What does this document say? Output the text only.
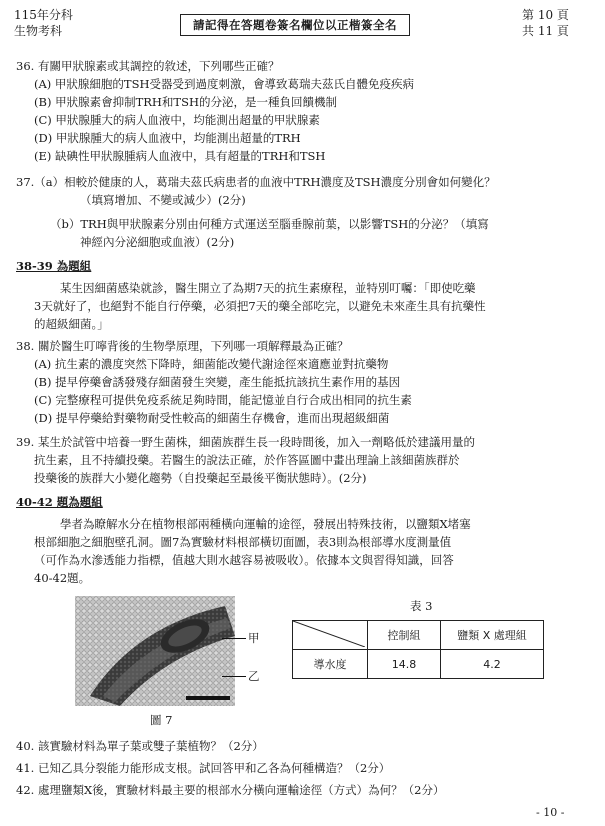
115年分科
生物考科	請記得在答題卷簽名欄位以正楷簽全名
第 10 頁
共 11 頁
36. 有關甲狀腺素或其調控的敘述，下列哪些正確？
(A) 甲狀腺細胞的TSH受器受到過度刺激，會導致葛瑞夫茲氏自體免疫疾病
(B) 甲狀腺素會抑制TRH和TSH的分泌，是一種負回饋機制
(C) 甲狀腺腫大的病人血液中，均能測出超量的甲狀腺素
(D) 甲狀腺腫大的病人血液中，均能測出超量的TRH
(E) 缺碘性甲狀腺腫病人血液中，具有超量的TRH和TSH
37.（a）相較於健康的人，葛瑞夫茲氏病患者的血液中TRH濃度及TSH濃度分別會如何變化？
（填寫增加、不變或減少）(2分)
（b）TRH與甲狀腺素分別由何種方式運送至腦垂腺前葉，以影響TSH的分泌？（填寫
神經內分泌細胞或血液）(2分)
38-39 為題組
某生因細菌感染就診，醫生開立了為期7天的抗生素療程，並特別叮囑：「即使吃藥
3天就好了，也絕對不能自行停藥，必須把7天的藥全部吃完，以避免未來產生具有抗藥性
的超級細菌。」
38. 關於醫生叮嚀背後的生物學原理，下列哪一項解釋最為正確？
(A) 抗生素的濃度突然下降時，細菌能改變代謝途徑來適應並對抗藥物
(B) 提早停藥會誘發殘存細菌發生突變，產生能抵抗該抗生素作用的基因
(C) 完整療程可提供免疫系統足夠時間，能記憶並自行合成出相同的抗生素
(D) 提早停藥給對藥物耐受性較高的細菌生存機會，進而出現超級細菌
39. 某生於試管中培養一野生菌株，細菌族群生長一段時間後，加入一劑略低於建議用量的
抗生素，且不持續投藥。若醫生的說法正確，於作答區圖中畫出理論上該細菌族群於
投藥後的族群大小變化趨勢（自投藥起至最後平衡狀態時）。(2分)
40-42 題為題組
學者為瞭解水分在植物根部兩種橫向運輸的途徑，發展出特殊技術，以鹽類X堵塞
根部細胞之細胞壁孔洞。圖7為實驗材料根部橫切面圖，表3則為根部導水度測量值
（可作為水滲透能力指標，值越大則水越容易被吸收）。依據本文與習得知識，回答
40-42題。
甲
乙
圖 7
表 3
	控制組	鹽類 X 處理組
導水度	14.8	4.2
40. 該實驗材料為單子葉或雙子葉植物？（2分）
41. 已知乙具分裂能力能形成支根。試回答甲和乙各為何種構造？（2分）
42. 處理鹽類X後，實驗材料最主要的根部水分橫向運輸途徑（方式）為何？（2分）
- 10 -
